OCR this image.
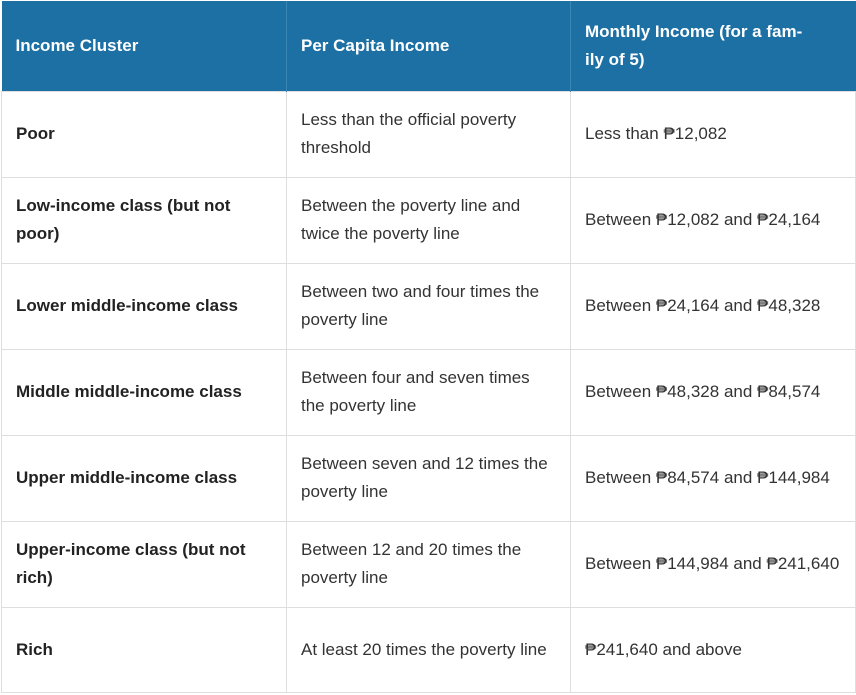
Income Cluster	Per Capita Income	Monthly Income (for a fam-
ily of 5)
Poor	Less than the official poverty threshold	Less than ₱12,082
Low-income class (but not poor)	Between the poverty line and twice the poverty line	Between ₱12,082 and ₱24,164
Lower middle-income class	Between two and four times the poverty line	Between ₱24,164 and ₱48,328
Middle middle-income class	Between four and seven times the poverty line	Between ₱48,328 and ₱84,574
Upper middle-income class	Between seven and 12 times the poverty line	Between ₱84,574 and ₱144,984
Upper-income class (but not rich)	Between 12 and 20 times the poverty line	Between ₱144,984 and ₱241,640
Rich	At least 20 times the poverty line	₱241,640 and above
